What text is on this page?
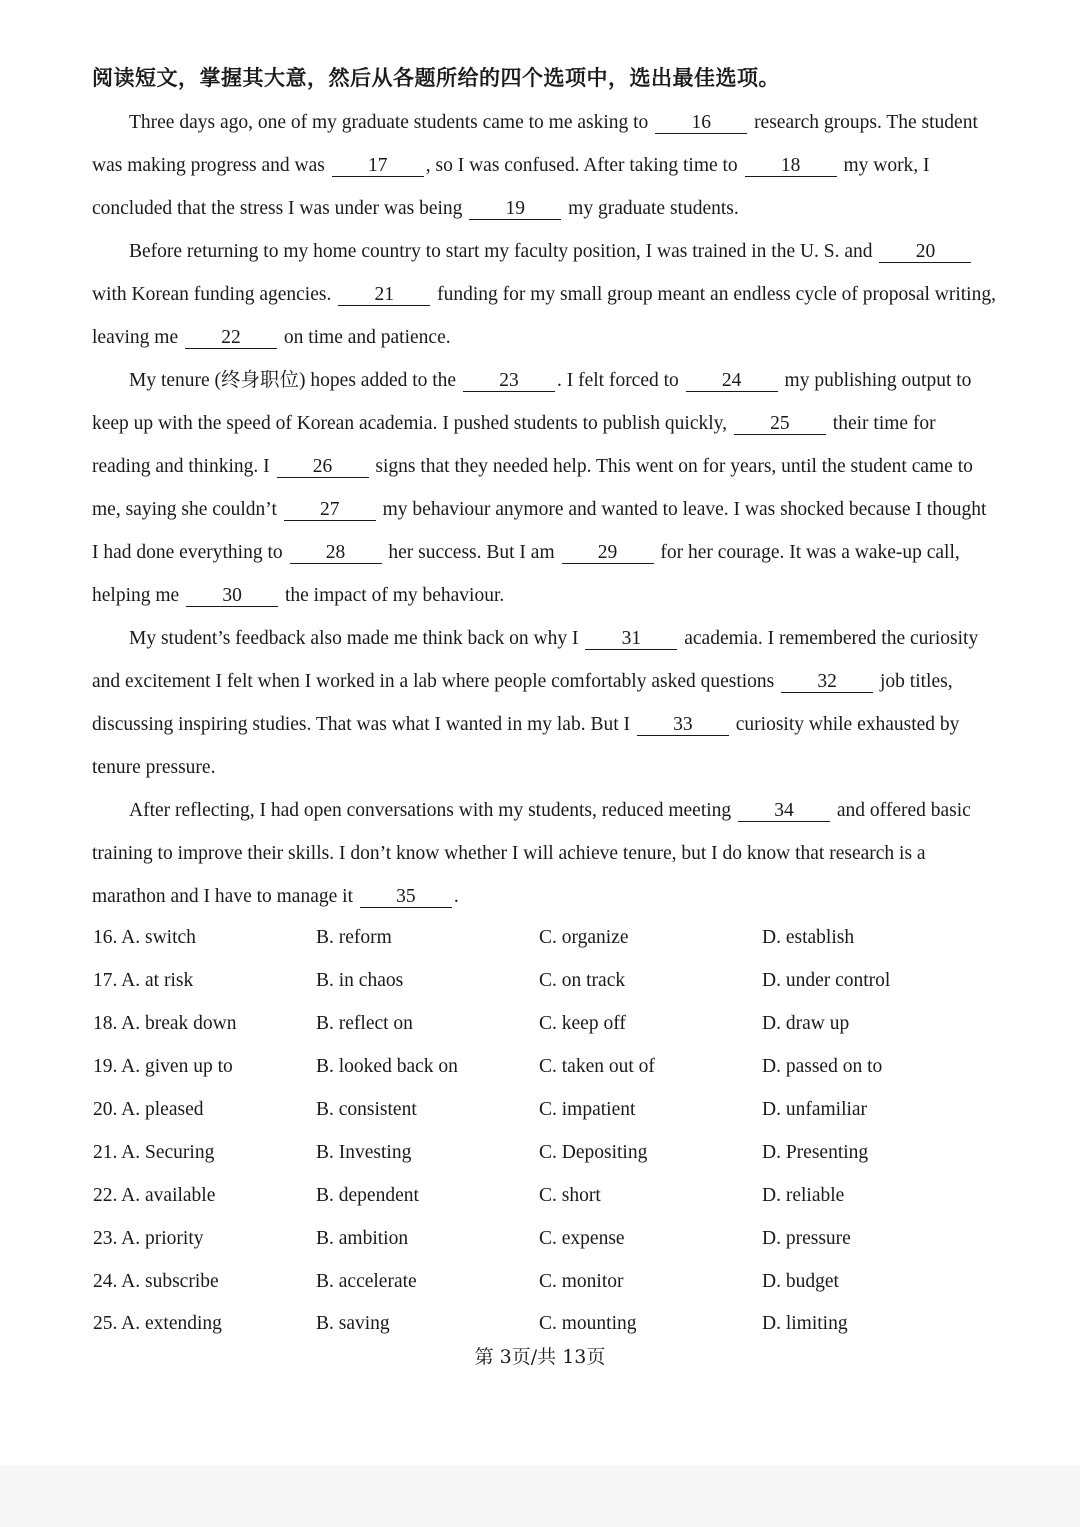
阅读短文，掌握其大意，然后从各题所给的四个选项中，选出最佳选项。
Three days ago, one of my graduate students came to me asking to 16 research groups. The student
was making progress and was 17 , so I was confused. After taking time to 18 my work, I
concluded that the stress I was under was being 19 my graduate students.
Before returning to my home country to start my faculty position, I was trained in the U. S. and 20
with Korean funding agencies. 21 funding for my small group meant an endless cycle of proposal writing,
leaving me 22 on time and patience.
My tenure (终身职位) hopes added to the 23 . I felt forced to 24 my publishing output to
keep up with the speed of Korean academia. I pushed students to publish quickly, 25 their time for
reading and thinking. I 26 signs that they needed help. This went on for years, until the student came to
me, saying she couldn’t 27 my behaviour anymore and wanted to leave. I was shocked because I thought
I had done everything to 28 her success. But I am 29 for her courage. It was a wake-up call,
helping me 30 the impact of my behaviour.
My student’s feedback also made me think back on why I 31 academia. I remembered the curiosity
and excitement I felt when I worked in a lab where people comfortably asked questions 32 job titles,
discussing inspiring studies. That was what I wanted in my lab. But I 33 curiosity while exhausted by
tenure pressure.
After reflecting, I had open conversations with my students, reduced meeting 34 and offered basic
training to improve their skills. I don’t know whether I will achieve tenure, but I do know that research is a
marathon and I have to manage it 35 .
16. A. switch	B. reform	C. organize	D. establish
17. A. at risk	B. in chaos	C. on track	D. under control
18. A. break down	B. reflect on	C. keep off	D. draw up
19. A. given up to	B. looked back on	C. taken out of	D. passed on to
20. A. pleased	B. consistent	C. impatient	D. unfamiliar
21. A. Securing	B. Investing	C. Depositing	D. Presenting
22. A. available	B. dependent	C. short	D. reliable
23. A. priority	B. ambition	C. expense	D. pressure
24. A. subscribe	B. accelerate	C. monitor	D. budget
25. A. extending	B. saving	C. mounting	D. limiting
第 3页/共 13页
